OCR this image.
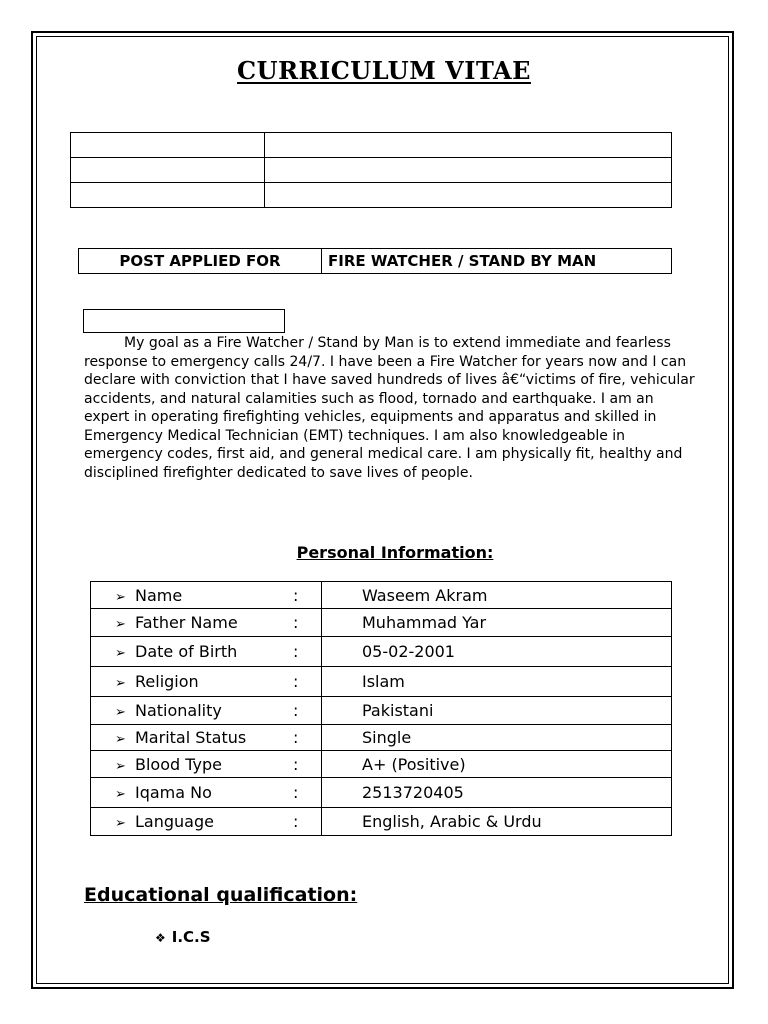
CURRICULUM VITAE

POST APPLIED FOR	FIRE WATCHER / STAND BY MAN

My goal as a Fire Watcher / Stand by Man is to extend immediate and fearless response to emergency calls 24/7. I have been a Fire Watcher for years now and I can declare with conviction that I have saved hundreds of lives â€“victims of fire, vehicular accidents, and natural calamities such as flood, tornado and earthquake. I am an expert in operating firefighting vehicles, equipments and apparatus and skilled in Emergency Medical Technician (EMT) techniques. I am also knowledgeable in emergency codes, first aid, and general medical care. I am physically fit, healthy and disciplined firefighter dedicated to save lives of people.

Personal Information:
➢ Name	:	Waseem Akram
➢ Father Name	:	Muhammad Yar
➢ Date of Birth	:	05-02-2001
➢ Religion	:	Islam
➢ Nationality	:	Pakistani
➢ Marital Status	:	Single
➢ Blood Type	:	A+ (Positive)
➢ Iqama No	:	2513720405
➢ Language	:	English, Arabic & Urdu
Educational qualification:
❖ I.C.S
